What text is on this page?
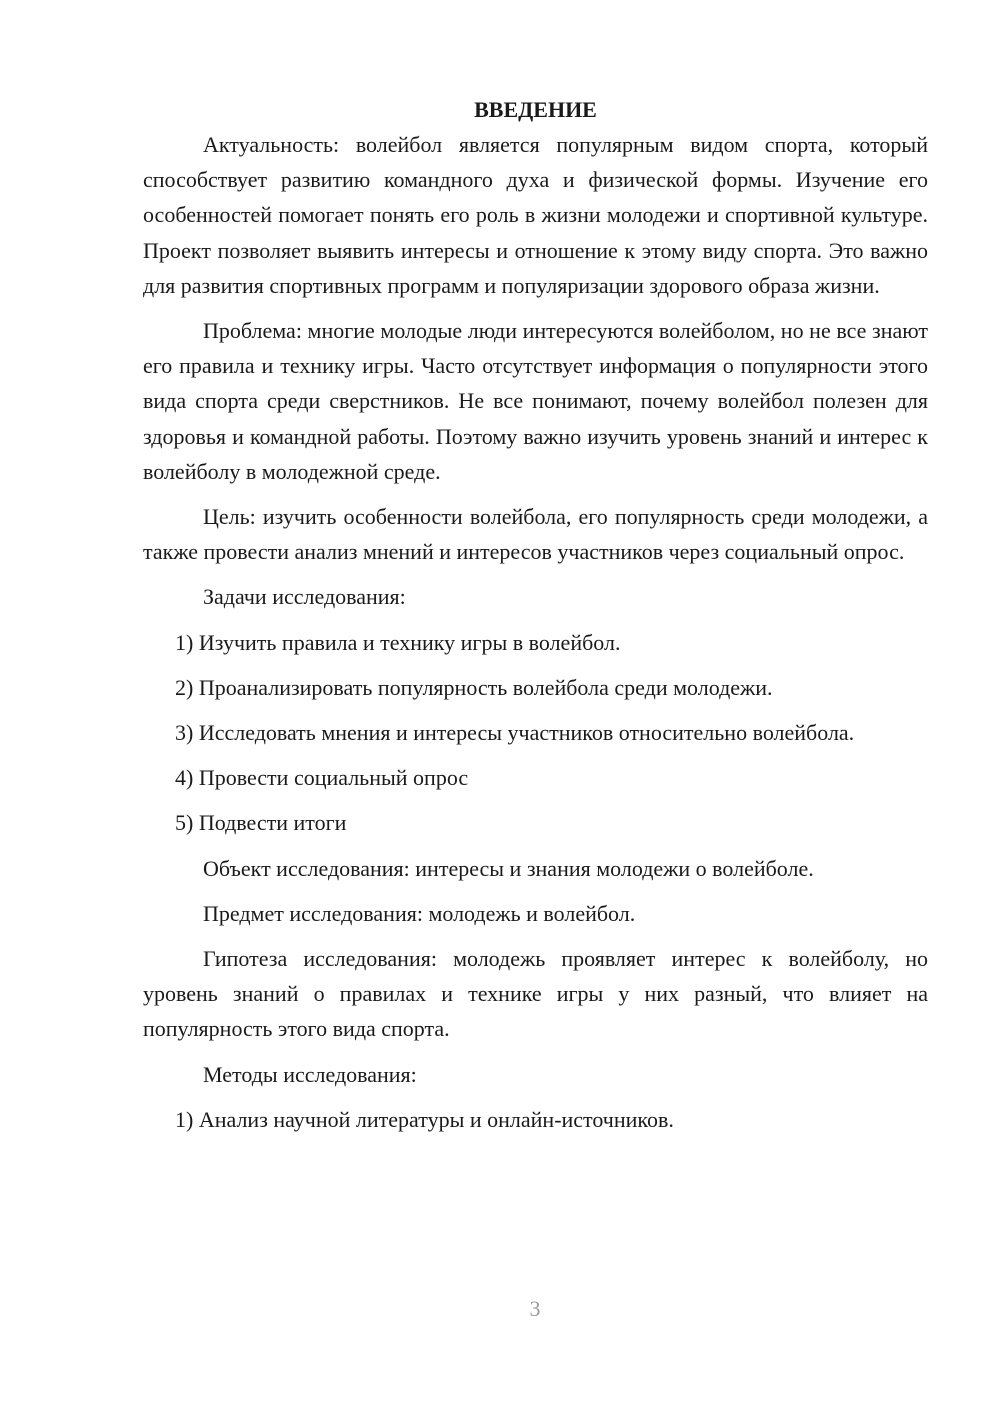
ВВЕДЕНИЕ

Актуальность: волейбол является популярным видом спорта, который способствует развитию командного духа и физической формы. Изучение его особенностей помогает понять его роль в жизни молодежи и спортивной культуре. Проект позволяет выявить интересы и отношение к этому виду спорта. Это важно для развития спортивных программ и популяризации здорового образа жизни.

Проблема: многие молодые люди интересуются волейболом, но не все знают его правила и технику игры. Часто отсутствует информация о популярности этого вида спорта среди сверстников. Не все понимают, почему волейбол полезен для здоровья и командной работы. Поэтому важно изучить уровень знаний и интерес к волейболу в молодежной среде.

Цель: изучить особенности волейбола, его популярность среди молодежи, а также провести анализ мнений и интересов участников через социальный опрос.

Задачи исследования:

1) Изучить правила и технику игры в волейбол.

2) Проанализировать популярность волейбола среди молодежи.

3) Исследовать мнения и интересы участников относительно волейбола.

4) Провести социальный опрос

5) Подвести итоги

Объект исследования: интересы и знания молодежи о волейболе.

Предмет исследования: молодежь и волейбол.

Гипотеза исследования: молодежь проявляет интерес к волейболу, но уровень знаний о правилах и технике игры у них разный, что влияет на популярность этого вида спорта.

Методы исследования:

1) Анализ научной литературы и онлайн-источников.

3
